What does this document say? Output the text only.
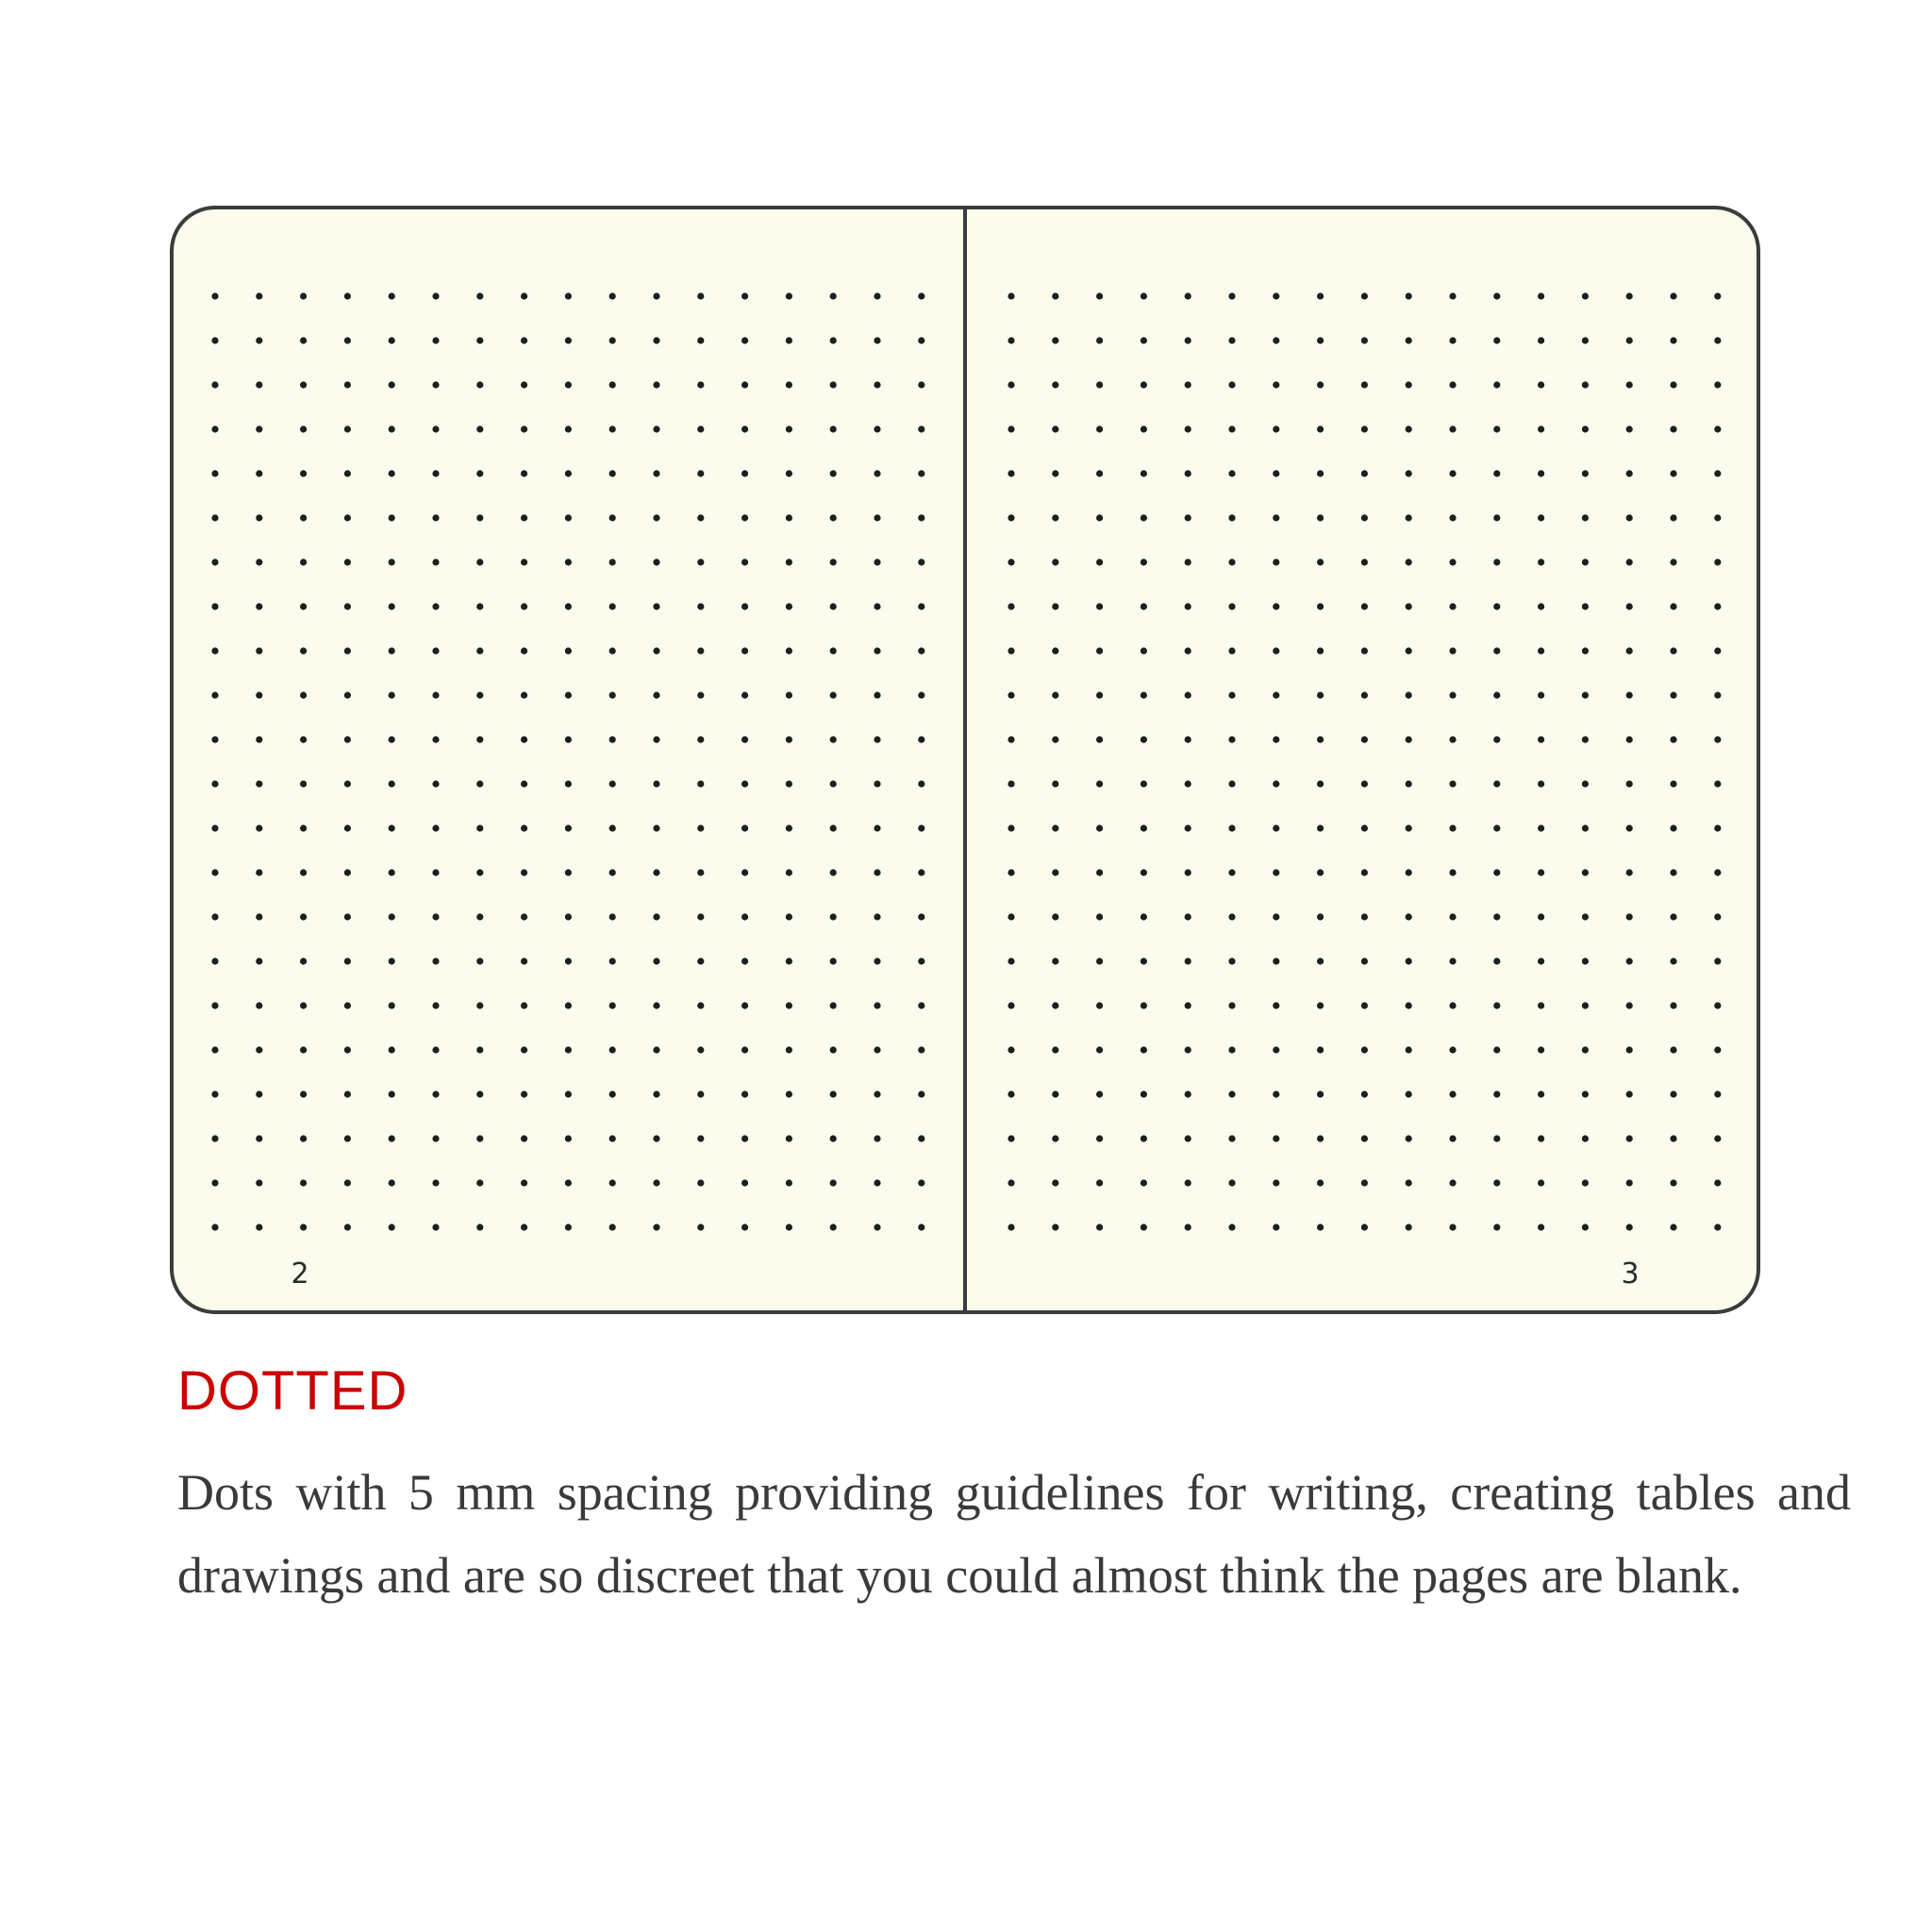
2	3
DOTTED

Dots with 5 mm spacing providing guidelines for writing, creating tables and drawings and are so discreet that you could almost think the pages are blank.
